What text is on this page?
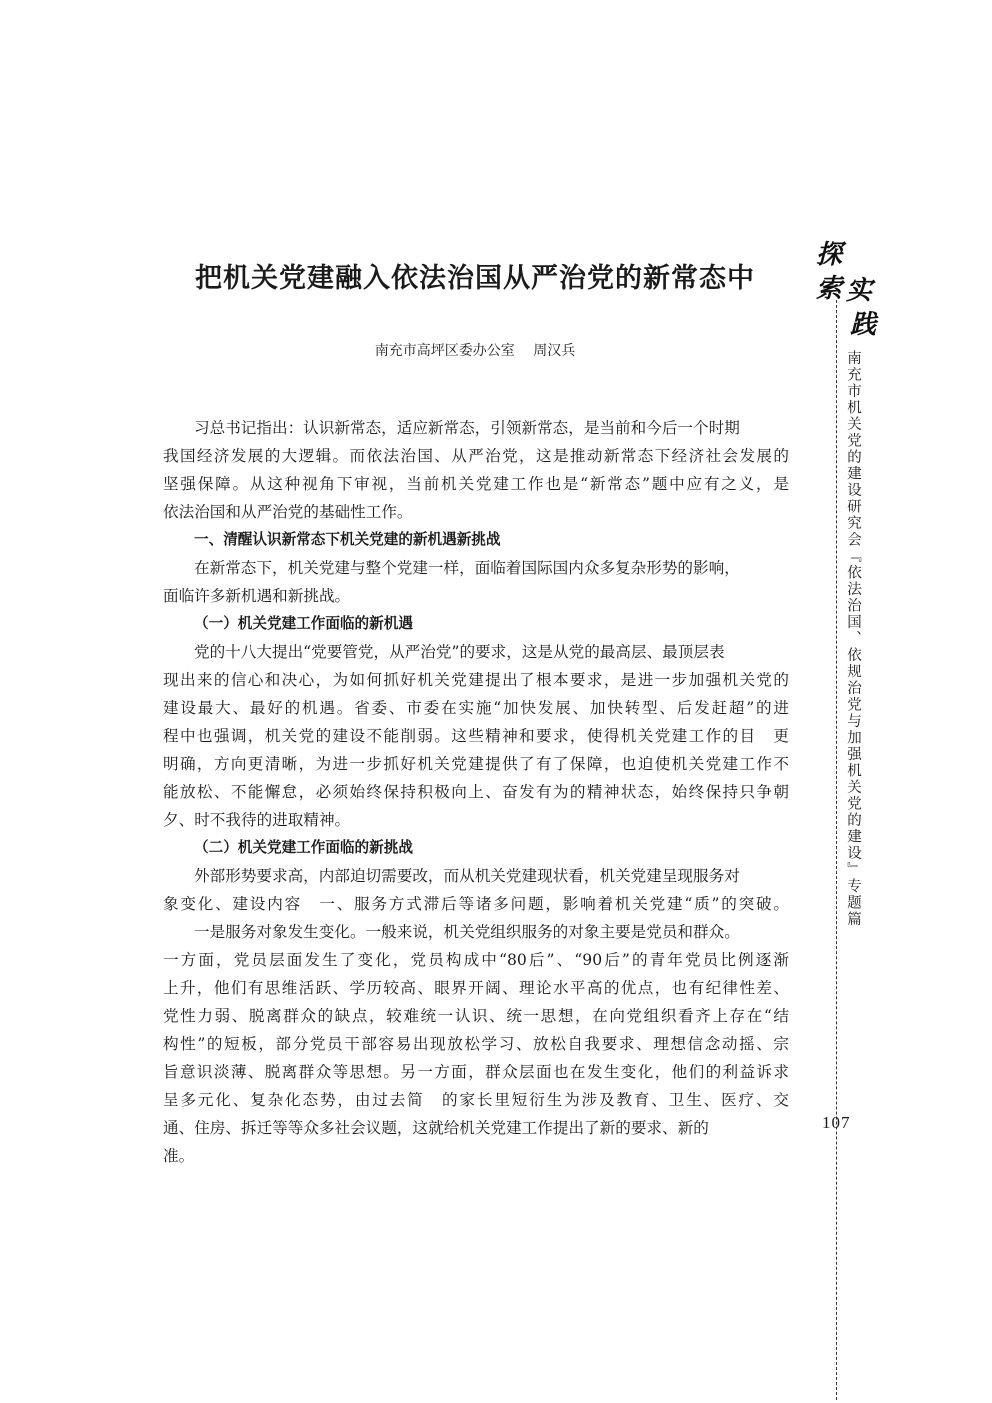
把机关党建融入依法治国从严治党的新常态中
南充市高坪区委办公室　 周汉兵
习总书记指出：认识新常态，适应新常态，引领新常态，是当前和今后一个时期
我国经济发展的大逻辑。而依法治国、从严治党，这是推动新常态下经济社会发展的
坚强保障。从这种视角下审视，当前机关党建工作也是“新常态”题中应有之义，是
依法治国和从严治党的基础性工作。
一、清醒认识新常态下机关党建的新机遇新挑战
在新常态下，机关党建与整个党建一样，面临着国际国内众多复杂形势的影响，
面临许多新机遇和新挑战。
（一）机关党建工作面临的新机遇
党的十八大提出“党要管党，从严治党”的要求，这是从党的最高层、最顶层表
现出来的信心和决心，为如何抓好机关党建提出了根本要求，是进一步加强机关党的
建设最大、最好的机遇。省委、市委在实施“加快发展、加快转型、后发赶超”的进
程中也强调，机关党的建设不能削弱。这些精神和要求，使得机关党建工作的目　更
明确，方向更清晰，为进一步抓好机关党建提供了有了保障，也迫使机关党建工作不
能放松、不能懈怠，必须始终保持积极向上、奋发有为的精神状态，始终保持只争朝
夕、时不我待的进取精神。
（二）机关党建工作面临的新挑战
外部形势要求高，内部迫切需要改，而从机关党建现状看，机关党建呈现服务对
象变化、建设内容　一、服务方式滞后等诸多问题，影响着机关党建“质”的突破。
一是服务对象发生变化。一般来说，机关党组织服务的对象主要是党员和群众。
一方面，党员层面发生了变化，党员构成中“80后”、“90后”的青年党员比例逐渐
上升，他们有思维活跃、学历较高、眼界开阔、理论水平高的优点，也有纪律性差、
党性力弱、脱离群众的缺点，较难统一认识、统一思想，在向党组织看齐上存在“结
构性”的短板，部分党员干部容易出现放松学习、放松自我要求、理想信念动摇、宗
旨意识淡薄、脱离群众等思想。另一方面，群众层面也在发生变化，他们的利益诉求
呈多元化、复杂化态势，由过去简　的家长里短衍生为涉及教育、卫生、医疗、交
通、住房、拆迁等等众多社会议题，这就给机关党建工作提出了新的要求、新的
准。
探
索 实
践
南充市机关党的建设研究会『依法治国、依规治党与加强机关党的建设』专题篇
107
